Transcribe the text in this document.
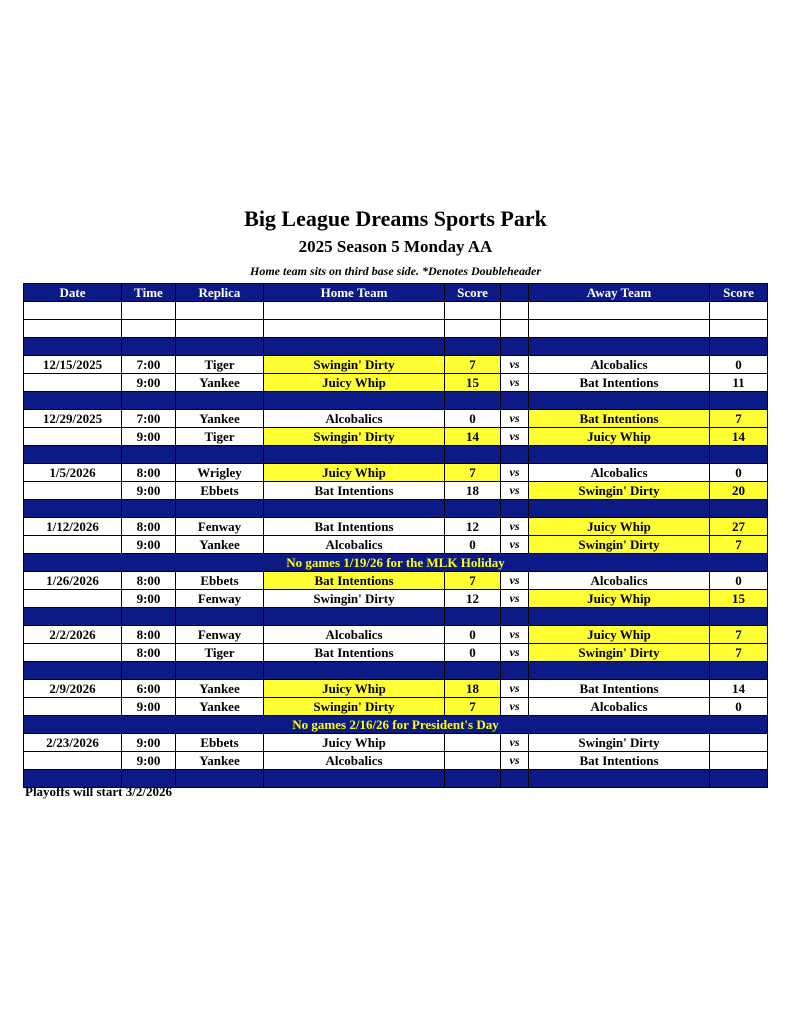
Big League Dreams Sports Park
2025 Season 5 Monday AA
Home team sits on third base side. *Denotes Doubleheader
Date	Time	Replica	Home Team	Score		Away Team	Score

12/15/2025	7:00	Tiger	Swingin' Dirty	7	vs	Alcobalics	0
	9:00	Yankee	Juicy Whip	15	vs	Bat Intentions	11

12/29/2025	7:00	Yankee	Alcobalics	0	vs	Bat Intentions	7
	9:00	Tiger	Swingin' Dirty	14	vs	Juicy Whip	14

1/5/2026	8:00	Wrigley	Juicy Whip	7	vs	Alcobalics	0
	9:00	Ebbets	Bat Intentions	18	vs	Swingin' Dirty	20

1/12/2026	8:00	Fenway	Bat Intentions	12	vs	Juicy Whip	27
	9:00	Yankee	Alcobalics	0	vs	Swingin' Dirty	7
No games 1/19/26 for the MLK Holiday							
1/26/2026	8:00	Ebbets	Bat Intentions	7	vs	Alcobalics	0
	9:00	Fenway	Swingin' Dirty	12	vs	Juicy Whip	15

2/2/2026	8:00	Fenway	Alcobalics	0	vs	Juicy Whip	7
	8:00	Tiger	Bat Intentions	0	vs	Swingin' Dirty	7

2/9/2026	6:00	Yankee	Juicy Whip	18	vs	Bat Intentions	14
	9:00	Yankee	Swingin' Dirty	7	vs	Alcobalics	0
No games 2/16/26 for President's Day							
2/23/2026	9:00	Ebbets	Juicy Whip		vs	Swingin' Dirty	
	9:00	Yankee	Alcobalics		vs	Bat Intentions	

Playoffs will start 3/2/2026
